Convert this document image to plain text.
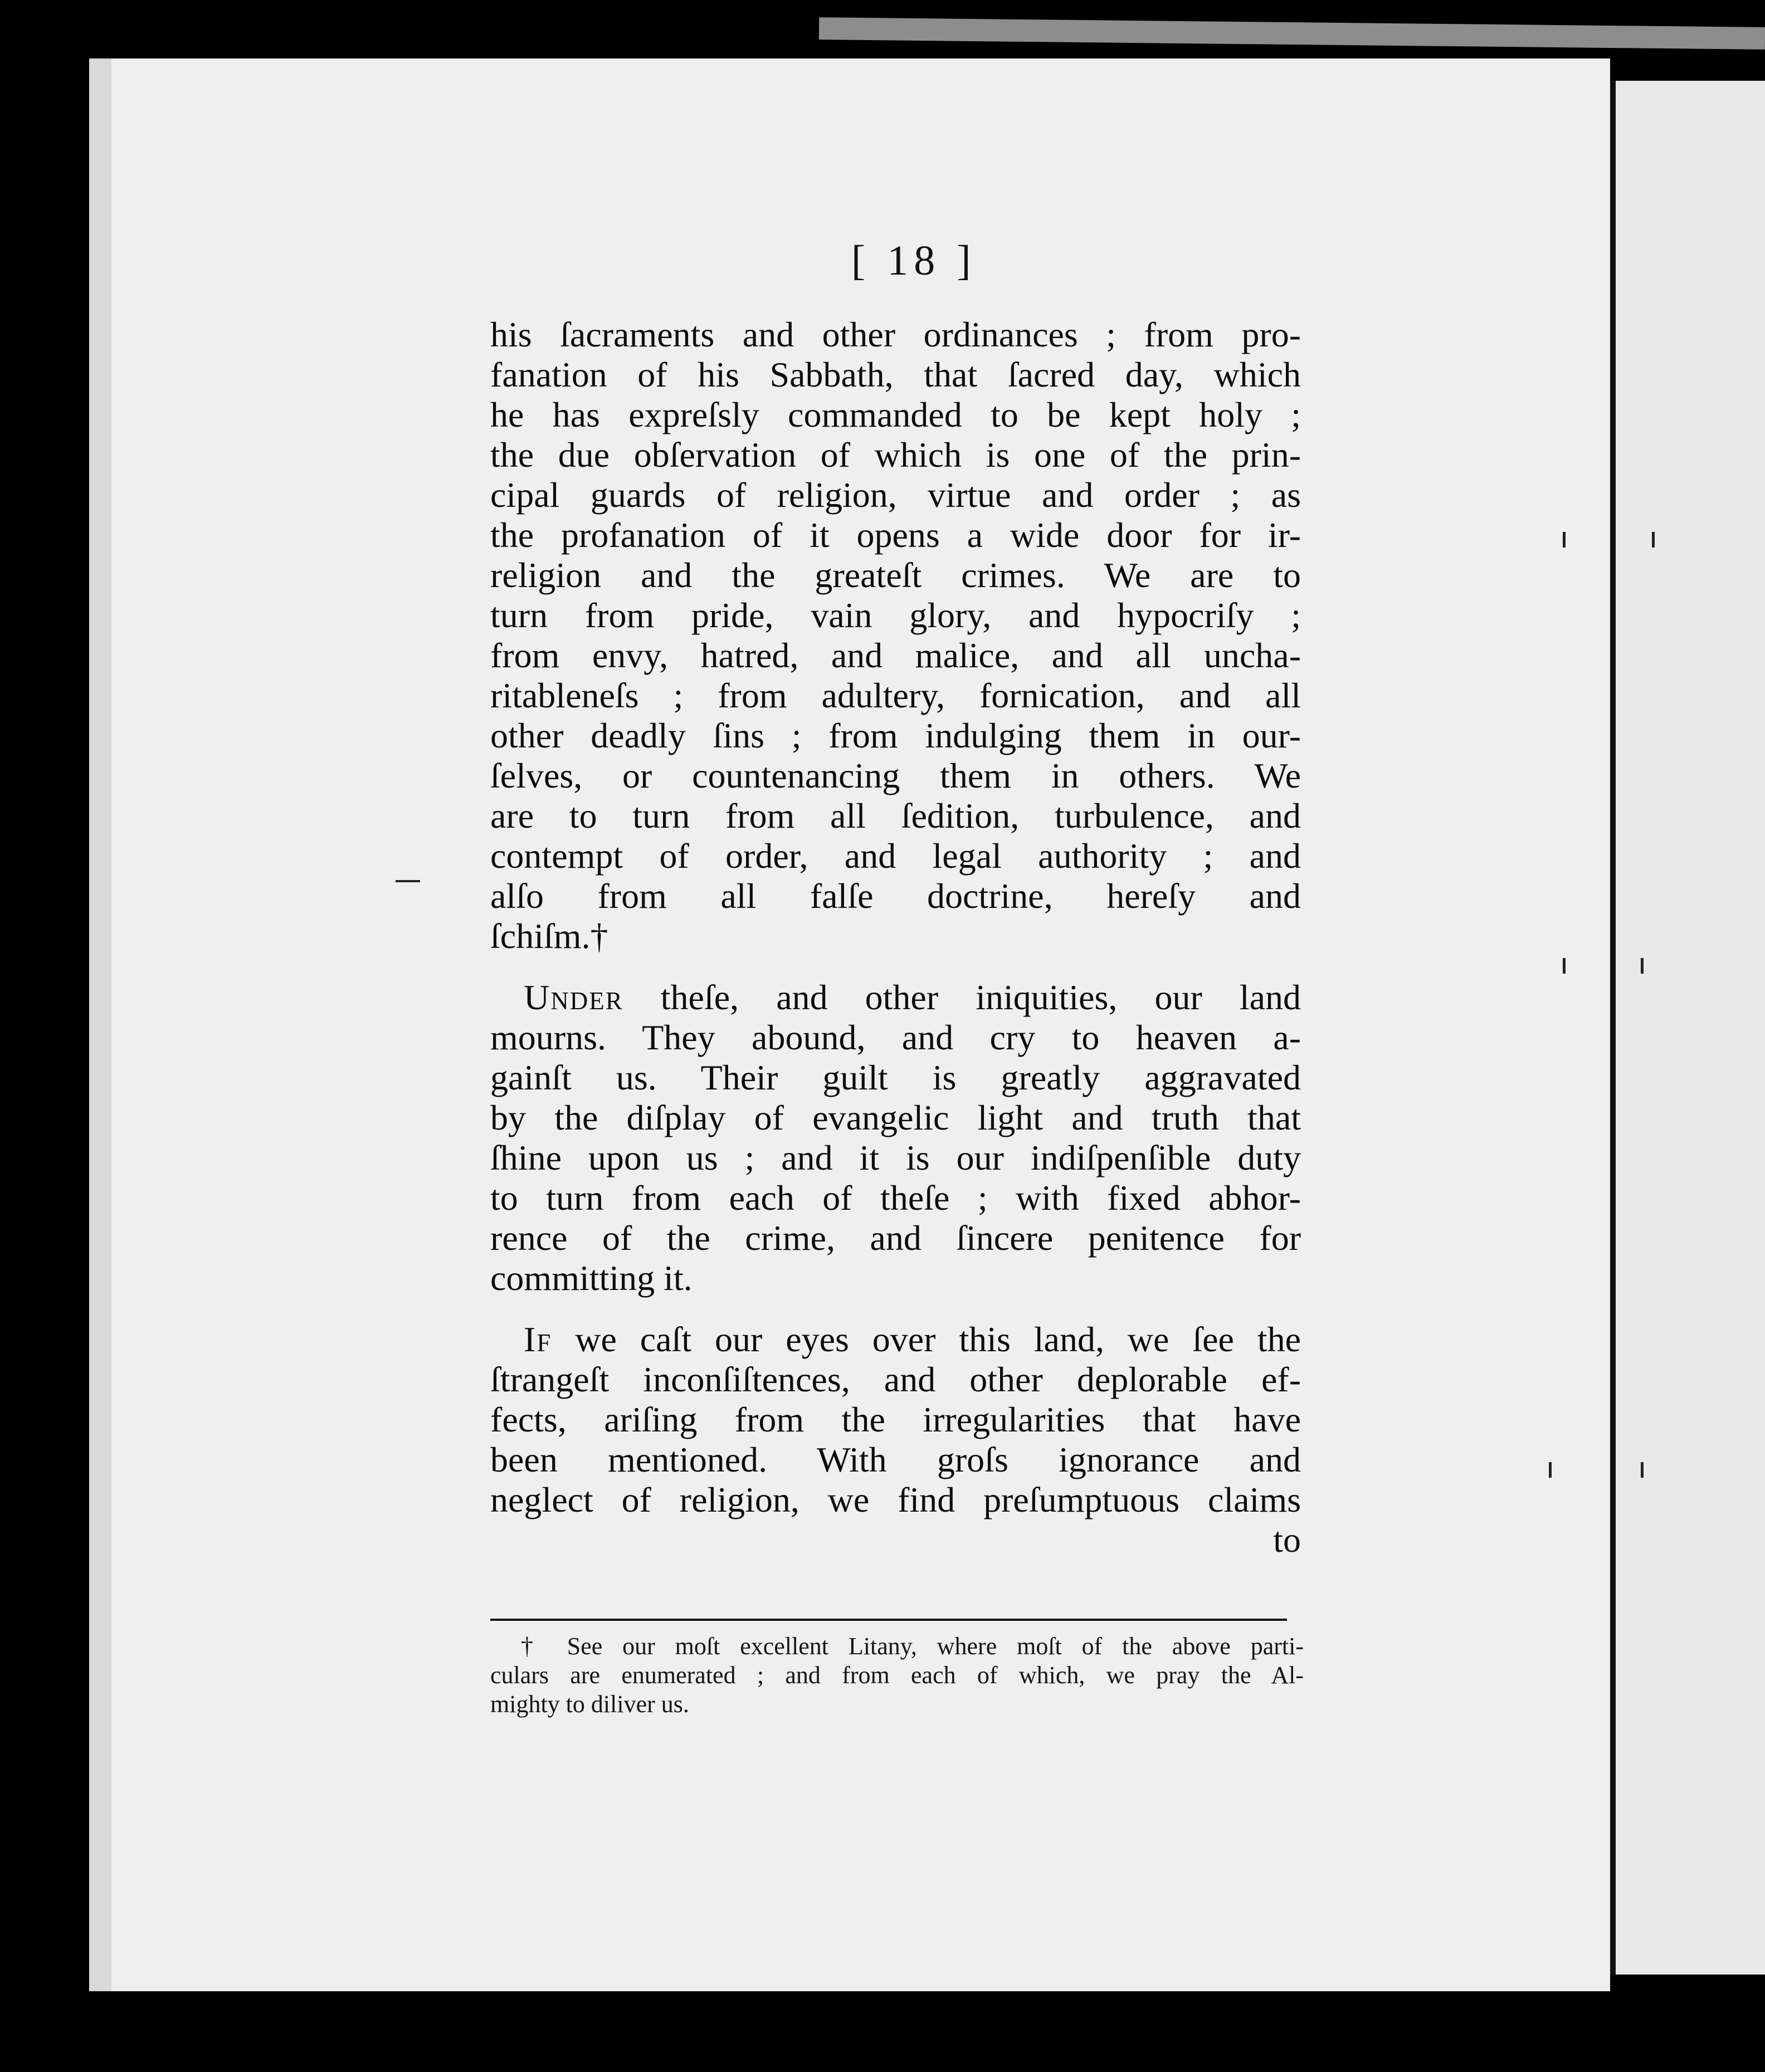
[ 18 ]
his ſacraments and other ordinances ; from pro-
fanation of his Sabbath, that ſacred day, which
he has expreſsly commanded to be kept holy ;
the due obſervation of which is one of the prin-
cipal guards of religion, virtue and order ; as
the profanation of it opens a wide door for ir-
religion and the greateſt crimes. We are to
turn from pride, vain glory, and hypocriſy ;
from envy, hatred, and malice, and all uncha-
ritableneſs ; from adultery, fornication, and all
other deadly ſins ; from indulging them in our-
ſelves, or countenancing them in others. We
are to turn from all ſedition, turbulence, and
contempt of order, and legal authority ; and
alſo from all falſe doctrine, hereſy and
ſchiſm.†
Under theſe, and other iniquities, our land
mourns. They abound, and cry to heaven a-
gainſt us. Their guilt is greatly aggravated
by the diſplay of evangelic light and truth that
ſhine upon us ; and it is our indiſpenſible duty
to turn from each of theſe ; with fixed abhor-
rence of the crime, and ſincere penitence for
committing it.
If we caſt our eyes over this land, we ſee the
ſtrangeſt inconſiſtences, and other deplorable ef-
fects, ariſing from the irregularities that have
been mentioned. With groſs ignorance and
neglect of religion, we find preſumptuous claims
to
† See our moſt excellent Litany, where moſt of the above parti-
culars are enumerated ; and from each of which, we pray the Al-
mighty to diliver us.
